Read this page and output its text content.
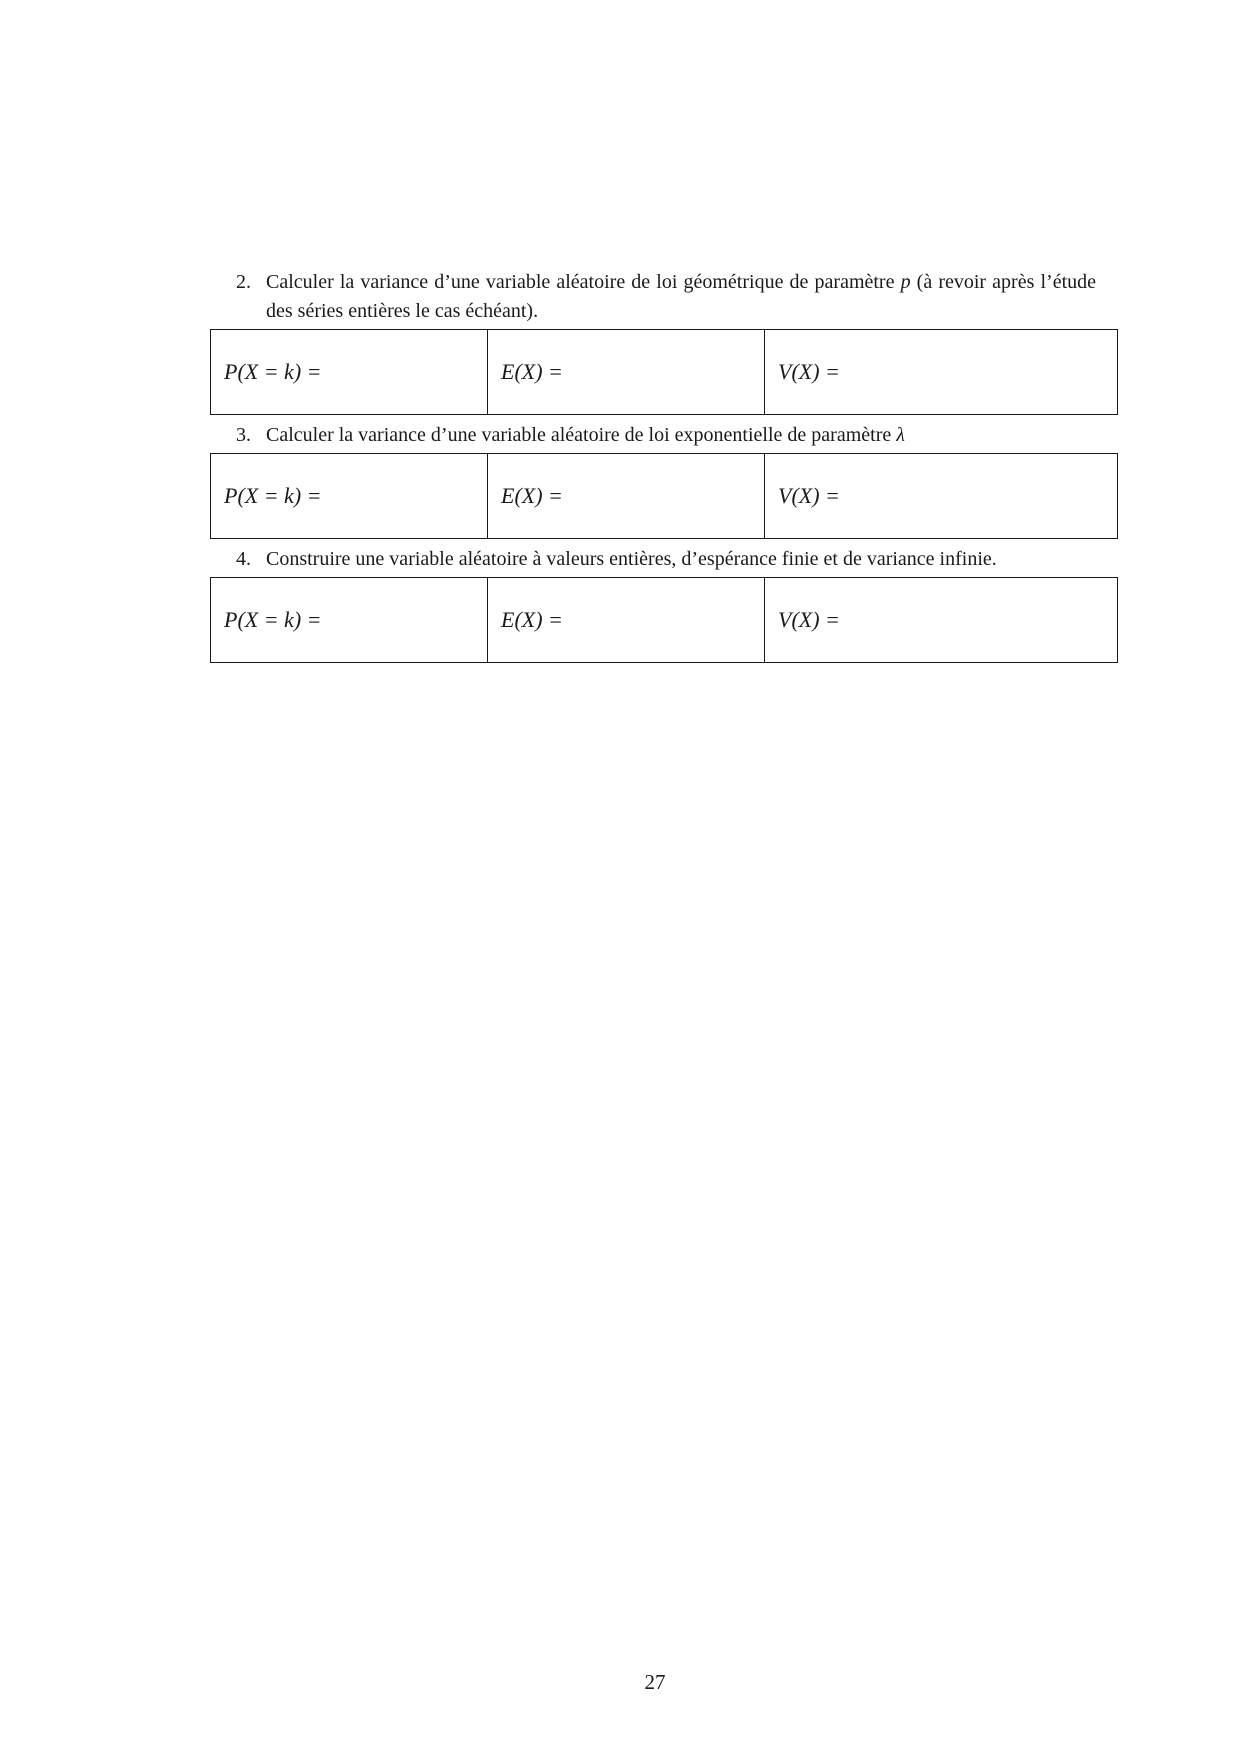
2. Calculer la variance d’une variable aléatoire de loi géométrique de paramètre p (à revoir après l’étude des séries entières le cas échéant).
P(X = k) =	E(X) =	V(X) =
3. Calculer la variance d’une variable aléatoire de loi exponentielle de paramètre λ
P(X = k) =	E(X) =	V(X) =
4. Construire une variable aléatoire à valeurs entières, d’espérance finie et de variance infinie.
P(X = k) =	E(X) =	V(X) =
27
